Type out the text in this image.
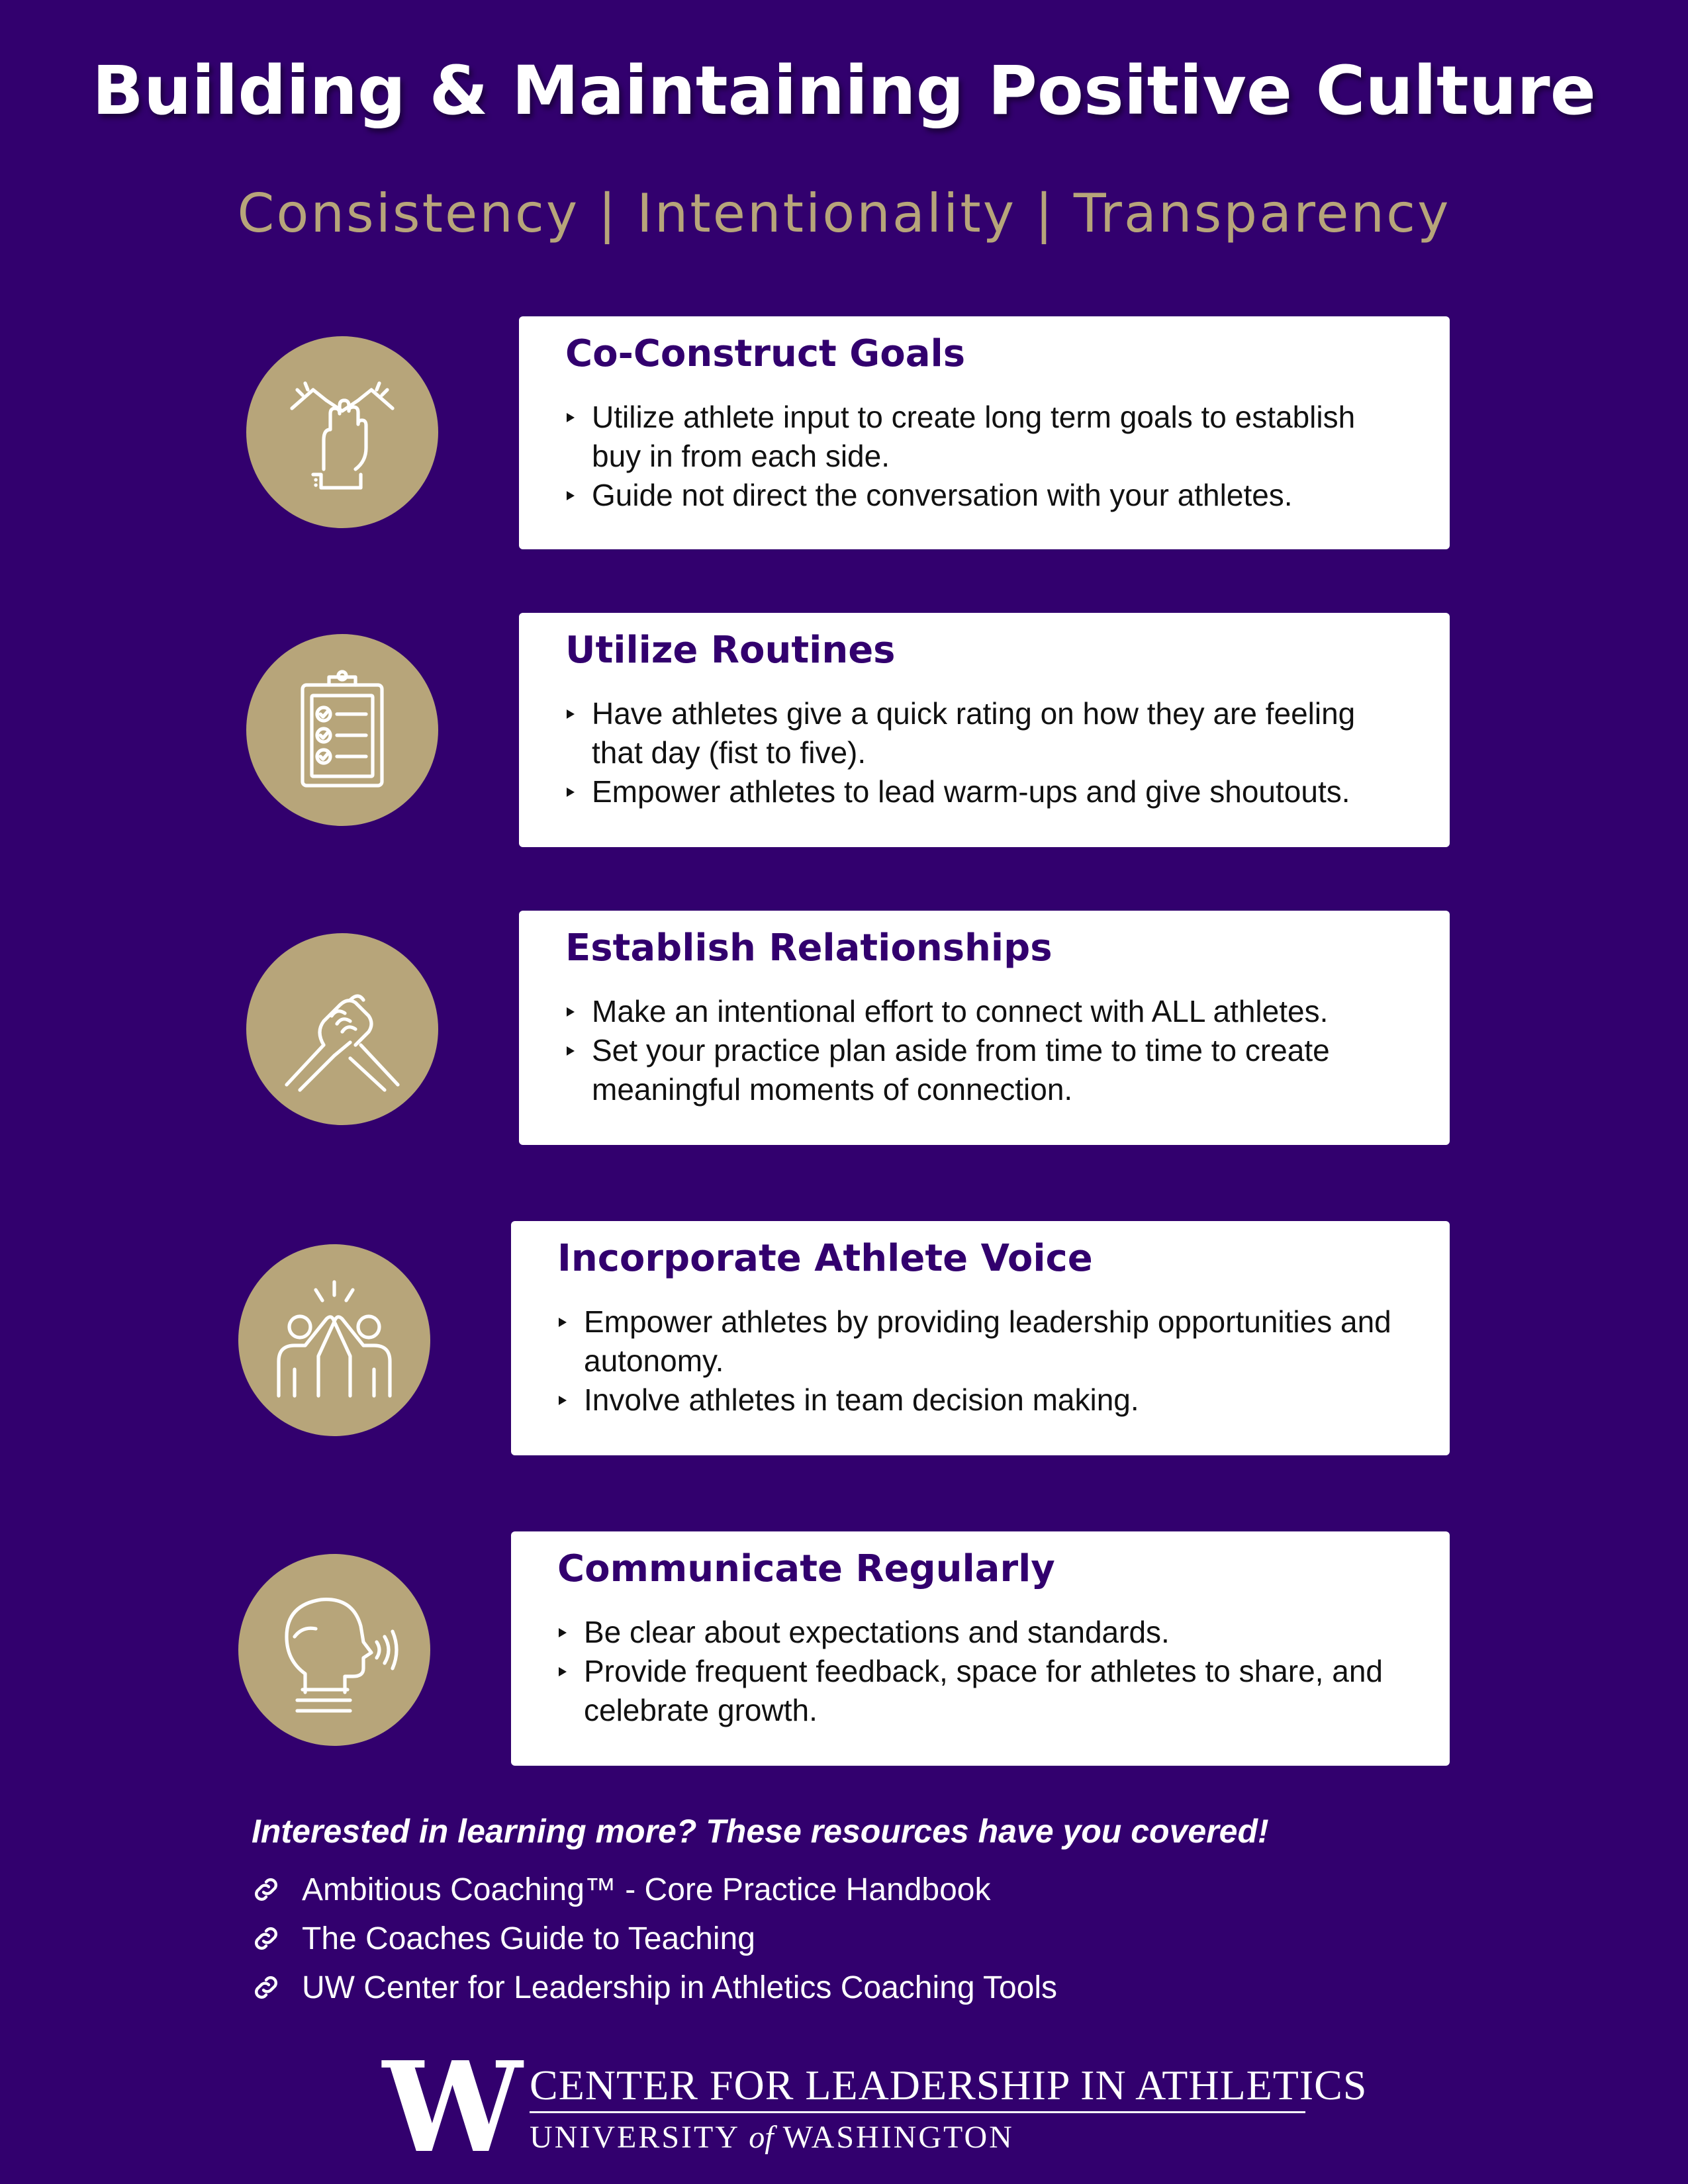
Building & Maintaining Positive Culture
Consistency | Intentionality | Transparency
Co-Construct Goals
Utilize athlete input to create long term goals to establish buy in from each side.
Guide not direct the conversation with your athletes.
Utilize Routines
Have athletes give a quick rating on how they are feeling that day (fist to five).
Empower athletes to lead warm-ups and give shoutouts.
Establish Relationships
Make an intentional effort to connect with ALL athletes.
Set your practice plan aside from time to time to create meaningful moments of connection.
Incorporate Athlete Voice
Empower athletes by providing leadership opportunities and autonomy.
Involve athletes in team decision making.
Communicate Regularly
Be clear about expectations and standards.
Provide frequent feedback, space for athletes to share, and celebrate growth.
Interested in learning more? These resources have you covered!
Ambitious Coaching™ - Core Practice Handbook
The Coaches Guide to Teaching
UW Center for Leadership in Athletics Coaching Tools
W CENTER FOR LEADERSHIP IN ATHLETICS
UNIVERSITY of WASHINGTON
